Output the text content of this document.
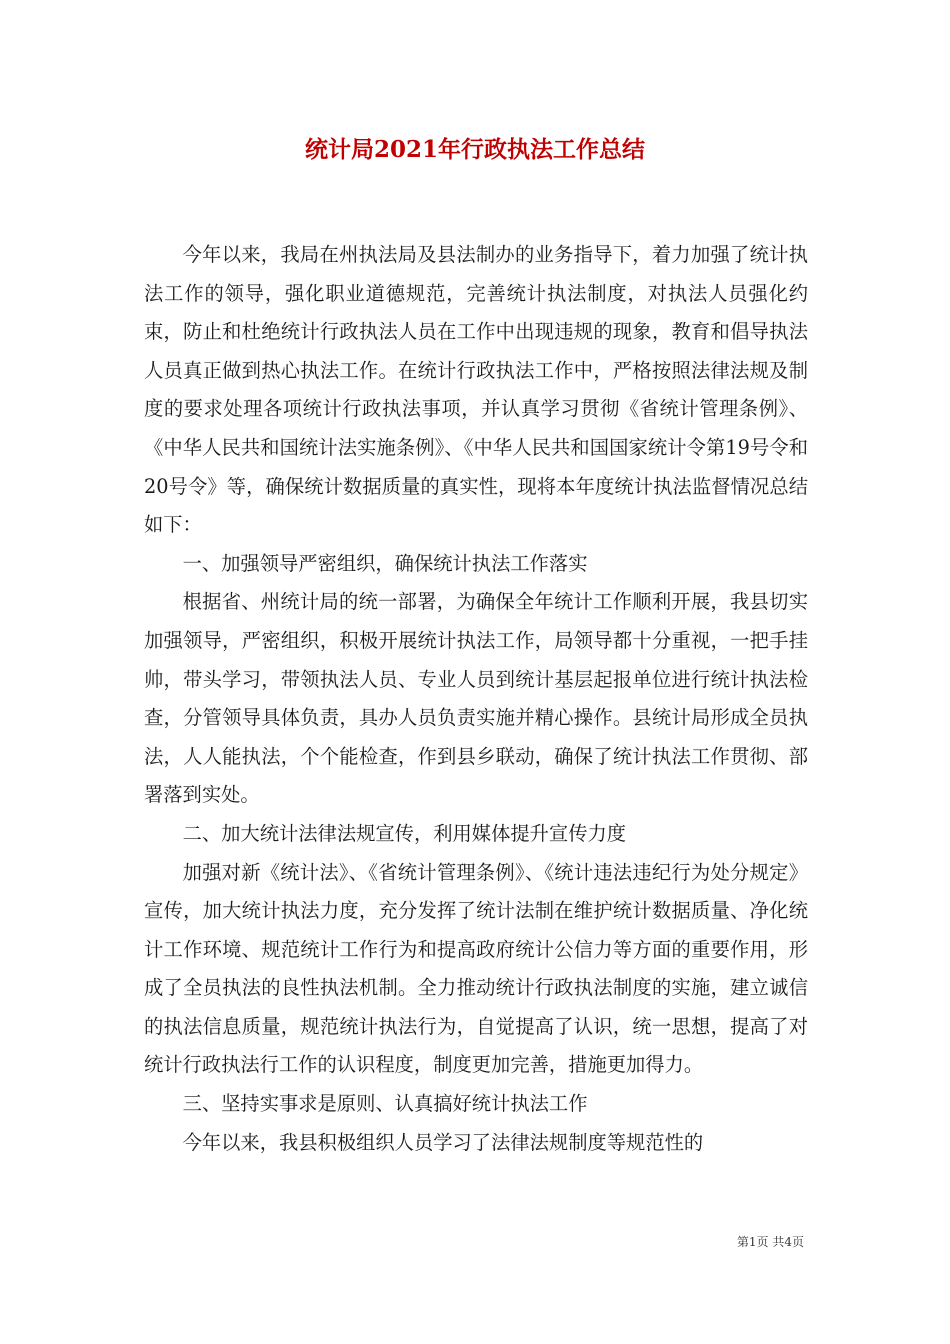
统计局2021年行政执法工作总结

今年以来，我局在州执法局及县法制办的业务指导下，着力加强了统计执法工作的领导，强化职业道德规范，完善统计执法制度，对执法人员强化约束，防止和杜绝统计行政执法人员在工作中出现违规的现象，教育和倡导执法人员真正做到热心执法工作。在统计行政执法工作中，严格按照法律法规及制度的要求处理各项统计行政执法事项，并认真学习贯彻《省统计管理条例》、《中华人民共和国统计法实施条例》、《中华人民共和国国家统计令第19号令和20号令》等，确保统计数据质量的真实性，现将本年度统计执法监督情况总结如下：

一、加强领导严密组织，确保统计执法工作落实

根据省、州统计局的统一部署，为确保全年统计工作顺利开展，我县切实加强领导，严密组织，积极开展统计执法工作，局领导都十分重视，一把手挂帅，带头学习，带领执法人员、专业人员到统计基层起报单位进行统计执法检查，分管领导具体负责，具办人员负责实施并精心操作。县统计局形成全员执法，人人能执法，个个能检查，作到县乡联动，确保了统计执法工作贯彻、部署落到实处。

二、加大统计法律法规宣传，利用媒体提升宣传力度

加强对新《统计法》、《省统计管理条例》、《统计违法违纪行为处分规定》宣传，加大统计执法力度，充分发挥了统计法制在维护统计数据质量、净化统计工作环境、规范统计工作行为和提高政府统计公信力等方面的重要作用，形成了全员执法的良性执法机制。全力推动统计行政执法制度的实施，建立诚信的执法信息质量，规范统计执法行为，自觉提高了认识，统一思想，提高了对统计行政执法行工作的认识程度，制度更加完善，措施更加得力。

三、坚持实事求是原则、认真搞好统计执法工作

今年以来，我县积极组织人员学习了法律法规制度等规范性的

第1页 共4页
